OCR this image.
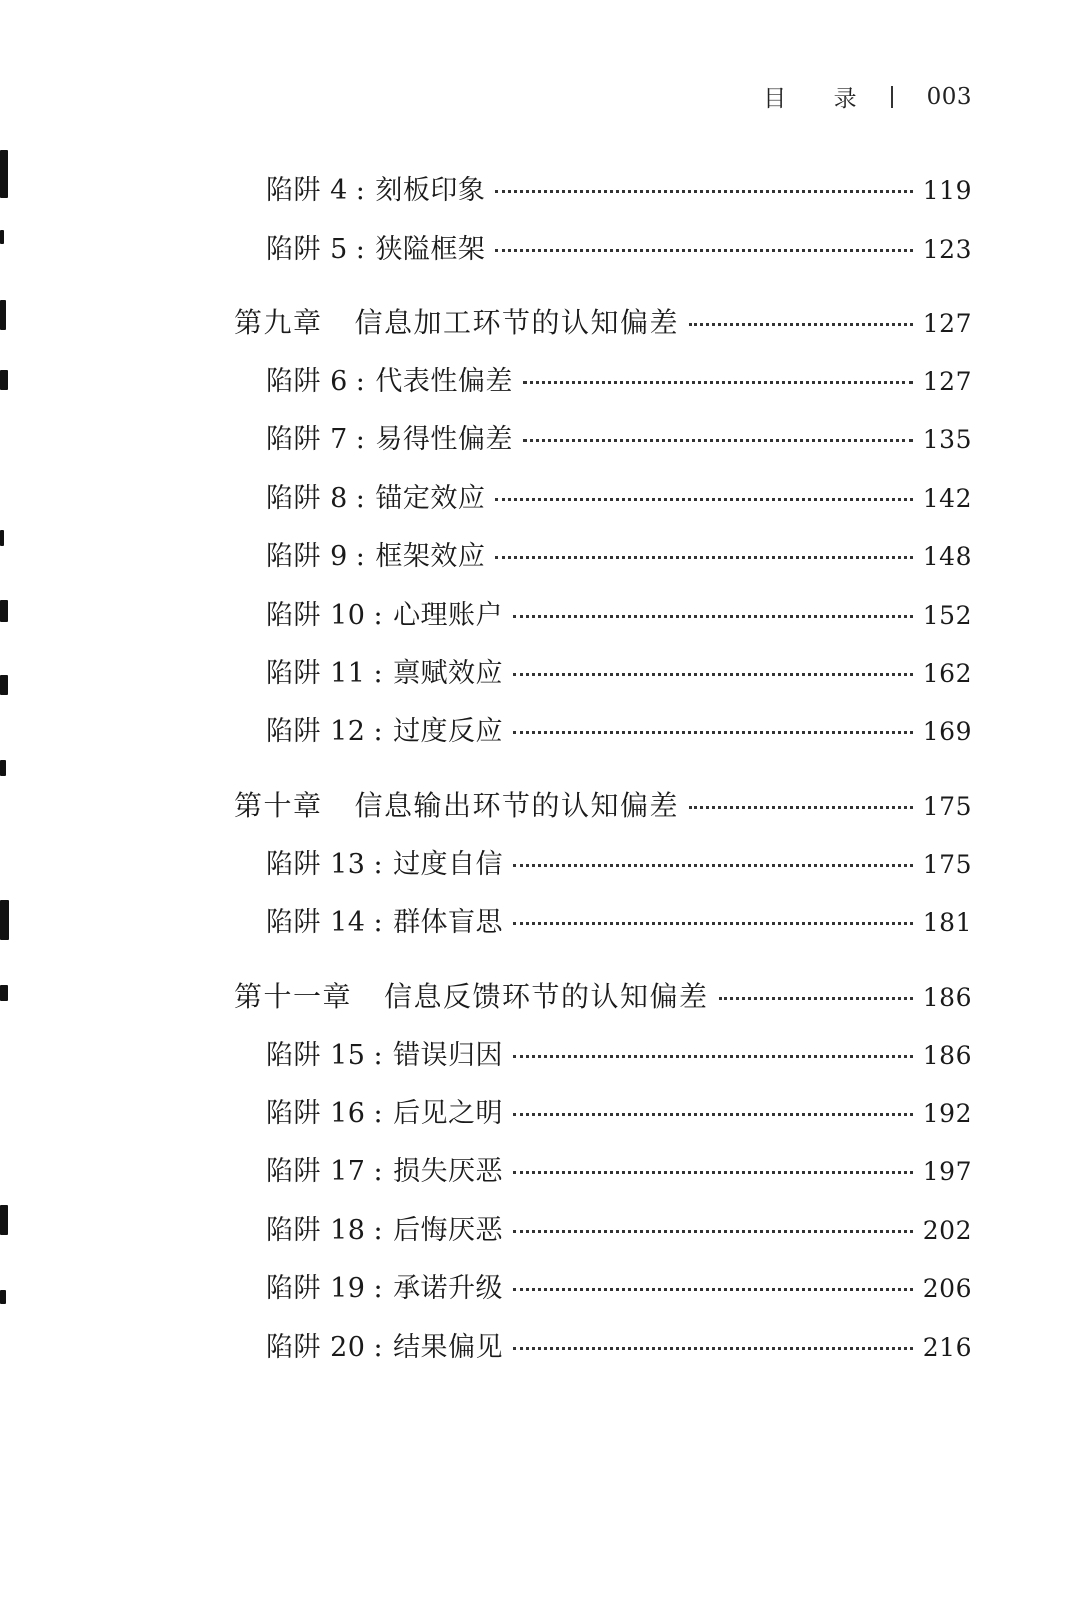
目 录 003
陷阱 4 : 刻板印象	119
陷阱 5 : 狭隘框架	123
第九章 信息加工环节的认知偏差	127
陷阱 6 : 代表性偏差	127
陷阱 7 : 易得性偏差	135
陷阱 8 : 锚定效应	142
陷阱 9 : 框架效应	148
陷阱 10 : 心理账户	152
陷阱 11 : 禀赋效应	162
陷阱 12 : 过度反应	169
第十章 信息输出环节的认知偏差	175
陷阱 13 : 过度自信	175
陷阱 14 : 群体盲思	181
第十一章 信息反馈环节的认知偏差	186
陷阱 15 : 错误归因	186
陷阱 16 : 后见之明	192
陷阱 17 : 损失厌恶	197
陷阱 18 : 后悔厌恶	202
陷阱 19 : 承诺升级	206
陷阱 20 : 结果偏见	216
